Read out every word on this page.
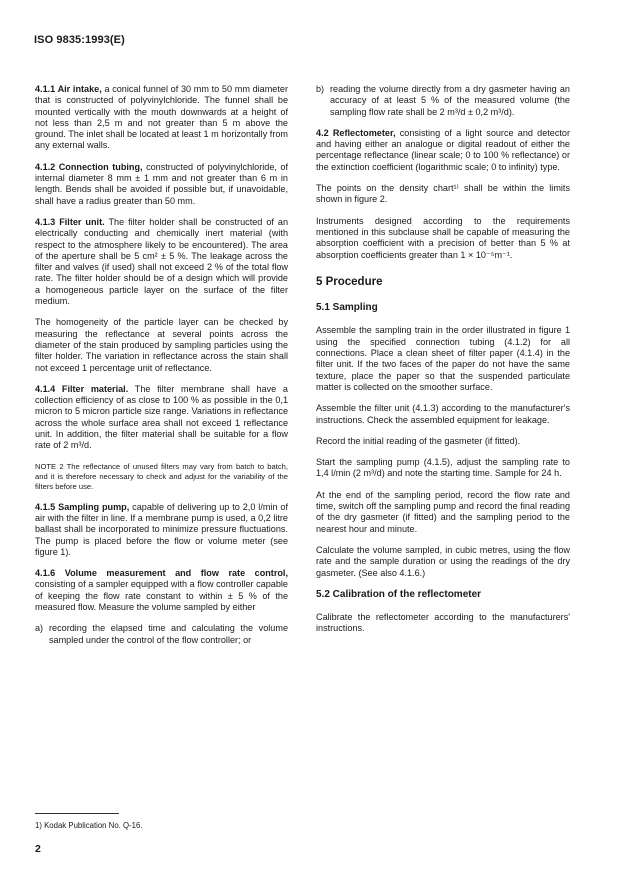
ISO 9835:1993(E)

4.1.1 Air intake, a conical funnel of 30 mm to 50 mm diameter that is constructed of polyvinylchloride. The funnel shall be mounted vertically with the mouth downwards at a height of not less than 2,5 m and not greater than 5 m above the ground. The inlet shall be located at least 1 m horizontally from any external walls.

4.1.2 Connection tubing, constructed of polyvinylchloride, of internal diameter 8 mm ± 1 mm and not greater than 6 m in length. Bends shall be avoided if possible but, if unavoidable, shall have a radius greater than 50 mm.

4.1.3 Filter unit. The filter holder shall be constructed of an electrically conducting and chemically inert material (with respect to the atmosphere likely to be encountered). The area of the aperture shall be 5 cm² ± 5 %. The leakage across the filter and valves (if used) shall not exceed 2 % of the total flow rate. The filter holder should be of a design which will provide a homogeneous particle layer on the surface of the filter medium.

The homogeneity of the particle layer can be checked by measuring the reflectance at several points across the diameter of the stain produced by sampling particles using the filter holder. The variation in reflectance across the stain shall not exceed 1 percentage unit of reflectance.

4.1.4 Filter material. The filter membrane shall have a collection efficiency of as close to 100 % as possible in the 0,1 micron to 5 micron particle size range. Variations in reflectance across the whole surface area shall not exceed 1 reflectance unit. In addition, the filter material shall be suitable for a flow rate of 2 m³/d.

NOTE 2 The reflectance of unused filters may vary from batch to batch, and it is therefore necessary to check and adjust for the variability of the filters before use.

4.1.5 Sampling pump, capable of delivering up to 2,0 l/min of air with the filter in line. If a membrane pump is used, a 0,2 litre ballast shall be incorporated to minimize pressure fluctuations. The pump is placed before the flow or volume meter (see figure 1).

4.1.6 Volume measurement and flow rate control, consisting of a sampler equipped with a flow controller capable of keeping the flow rate constant to within ± 5 % of the measured flow. Measure the volume sampled by either

a) recording the elapsed time and calculating the volume sampled under the control of the flow controller; or
b) reading the volume directly from a dry gasmeter having an accuracy of at least 5 % of the measured volume (the sampling flow rate shall be 2 m³/d ± 0,2 m³/d).

4.2 Reflectometer, consisting of a light source and detector and having either an analogue or digital readout of either the percentage reflectance (linear scale; 0 to 100 % reflectance) or the extinction coefficient (logarithmic scale; 0 to infinity) type.

The points on the density chart¹⁾ shall be within the limits shown in figure 2.

Instruments designed according to the requirements mentioned in this subclause shall be capable of measuring the absorption coefficient with a precision of better than 5 % at absorption coefficients greater than 1 × 10⁻⁵m⁻¹.

5 Procedure
5.1 Sampling

Assemble the sampling train in the order illustrated in figure 1 using the specified connection tubing (4.1.2) for all connections. Place a clean sheet of filter paper (4.1.4) in the filter unit. If the two faces of the paper do not have the same texture, place the paper so that the suspended particulate matter is collected on the smoother surface.

Assemble the filter unit (4.1.3) according to the manufacturer's instructions. Check the assembled equipment for leakage.

Record the initial reading of the gasmeter (if fitted).

Start the sampling pump (4.1.5), adjust the sampling rate to 1,4 l/min (2 m³/d) and note the starting time. Sample for 24 h.

At the end of the sampling period, record the flow rate and time, switch off the sampling pump and record the final reading of the dry gasmeter (if fitted) and the sampling period to the nearest hour and minute.

Calculate the volume sampled, in cubic metres, using the flow rate and the sample duration or using the readings of the dry gasmeter. (See also 4.1.6.)

5.2 Calibration of the reflectometer

Calibrate the reflectometer according to the manufacturers' instructions.

1) Kodak Publication No. Q-16.
2
